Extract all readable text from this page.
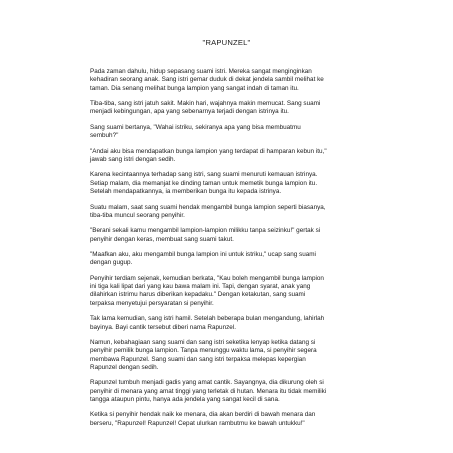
"RAPUNZEL"

Pada zaman dahulu, hidup sepasang suami istri. Mereka sangat menginginkan
kehadiran seorang anak. Sang istri gemar duduk di dekat jendela sambil melihat ke
taman. Dia senang melihat bunga lampion yang sangat indah di taman itu.

Tiba-tiba, sang istri jatuh sakit. Makin hari, wajahnya makin memucat. Sang suami
menjadi kebingungan, apa yang sebenarnya terjadi dengan istrinya itu.

Sang suami bertanya, "Wahai istriku, sekiranya apa yang bisa membuatmu
sembuh?"

"Andai aku bisa mendapatkan bunga lampion yang terdapat di hamparan kebun itu,"
jawab sang istri dengan sedih.

Karena kecintaannya terhadap sang istri, sang suami menuruti kemauan istrinya.
Setiap malam, dia memanjat ke dinding taman untuk memetik bunga lampion itu.
Setelah mendapatkannya, ia memberikan bunga itu kepada istrinya.

Suatu malam, saat sang suami hendak mengambil bunga lampion seperti biasanya,
tiba-tiba muncul seorang penyihir.

"Berani sekali kamu mengambil lampion-lampion milikku tanpa seizinku!" gertak si
penyihir dengan keras, membuat sang suami takut.

"Maafkan aku, aku mengambil bunga lampion ini untuk istriku," ucap sang suami
dengan gugup.

Penyihir terdiam sejenak, kemudian berkata, "Kau boleh mengambil bunga lampion
ini tiga kali lipat dari yang kau bawa malam ini. Tapi, dengan syarat, anak yang
dilahirkan istrimu harus diberikan kepadaku." Dengan ketakutan, sang suami
terpaksa menyetujui persyaratan si penyihir.

Tak lama kemudian, sang istri hamil. Setelah beberapa bulan mengandung, lahirlah
bayinya. Bayi cantik tersebut diberi nama Rapunzel.

Namun, kebahagiaan sang suami dan sang istri seketika lenyap ketika datang si
penyihir pemilik bunga lampion. Tanpa menunggu waktu lama, si penyihir segera
membawa Rapunzel. Sang suami dan sang istri terpaksa melepas kepergian
Rapunzel dengan sedih.

Rapunzel tumbuh menjadi gadis yang amat cantik. Sayangnya, dia dikurung oleh si
penyihir di menara yang amat tinggi yang terletak di hutan. Menara itu tidak memiliki
tangga ataupun pintu, hanya ada jendela yang sangat kecil di sana.

Ketika si penyihir hendak naik ke menara, dia akan berdiri di bawah menara dan
berseru, "Rapunzel! Rapunzel! Cepat ulurkan rambutmu ke bawah untukku!"
